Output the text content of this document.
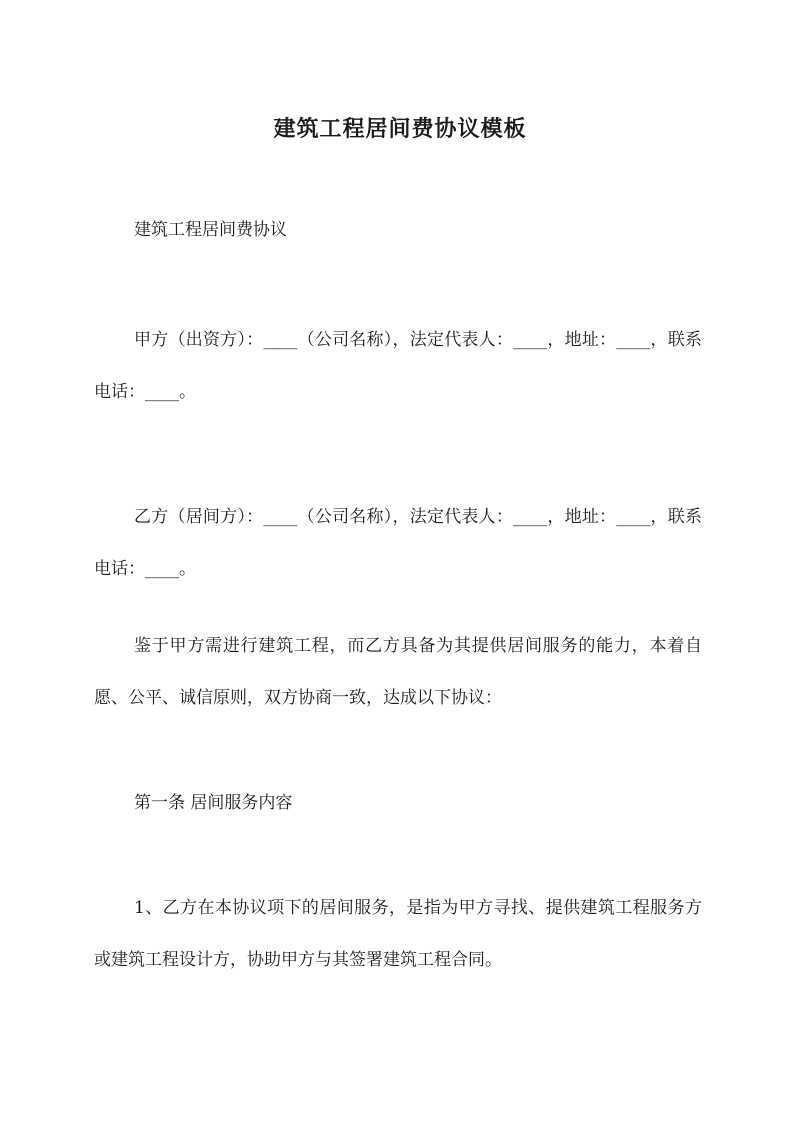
建筑工程居间费协议模板

建筑工程居间费协议

甲方（出资方）：____（公司名称），法定代表人：____，地址：____，联系电话：____。

乙方（居间方）：____（公司名称），法定代表人：____，地址：____，联系电话：____。

鉴于甲方需进行建筑工程，而乙方具备为其提供居间服务的能力，本着自愿、公平、诚信原则，双方协商一致，达成以下协议：

第一条 居间服务内容

1、乙方在本协议项下的居间服务，是指为甲方寻找、提供建筑工程服务方或建筑工程设计方，协助甲方与其签署建筑工程合同。
